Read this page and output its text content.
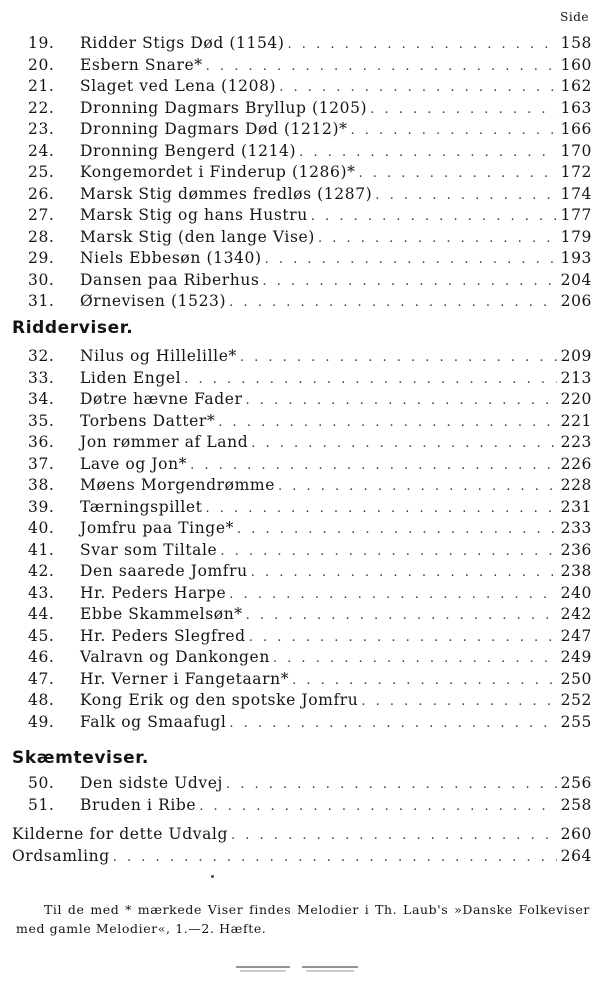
Side
19.	Ridder Stigs Død (1154) . . .	158
20.	Esbern Snare* . . .	160
21.	Slaget ved Lena (1208) . . .	162
22.	Dronning Dagmars Bryllup (1205) . . .	163
23.	Dronning Dagmars Død (1212)* . . .	166
24.	Dronning Bengerd (1214) . . .	170
25.	Kongemordet i Finderup (1286)* . . .	172
26.	Marsk Stig dømmes fredløs (1287) . . .	174
27.	Marsk Stig og hans Hustru . . .	177
28.	Marsk Stig (den lange Vise) . . .	179
29.	Niels Ebbesøn (1340) . . .	193
30.	Dansen paa Riberhus . . .	204
31.	Ørnevisen (1523) . . .	206
Ridderviser.
32.	Nilus og Hillelille* . . .	209
33.	Liden Engel . . .	213
34.	Døtre hævne Fader . . .	220
35.	Torbens Datter* . . .	221
36.	Jon rømmer af Land . . .	223
37.	Lave og Jon* . . .	226
38.	Møens Morgendrømme . . .	228
39.	Tærningspillet . . .	231
40.	Jomfru paa Tinge* . . .	233
41.	Svar som Tiltale . . .	236
42.	Den saarede Jomfru . . .	238
43.	Hr. Peders Harpe . . .	240
44.	Ebbe Skammelsøn* . . .	242
45.	Hr. Peders Slegfred . . .	247
46.	Valravn og Dankongen . . .	249
47.	Hr. Verner i Fangetaarn* . . .	250
48.	Kong Erik og den spotske Jomfru . . .	252
49.	Falk og Smaafugl . . .	255
Skæmteviser.
50.	Den sidste Udvej . . .	256
51.	Bruden i Ribe . . .	258
Kilderne for dette Udvalg . . .	260
Ordsamling . . .	264
Til de med * mærkede Viser findes Melodier i Th. Laub's »Danske Folkeviser med gamle Melodier«, 1.—2. Hæfte.
